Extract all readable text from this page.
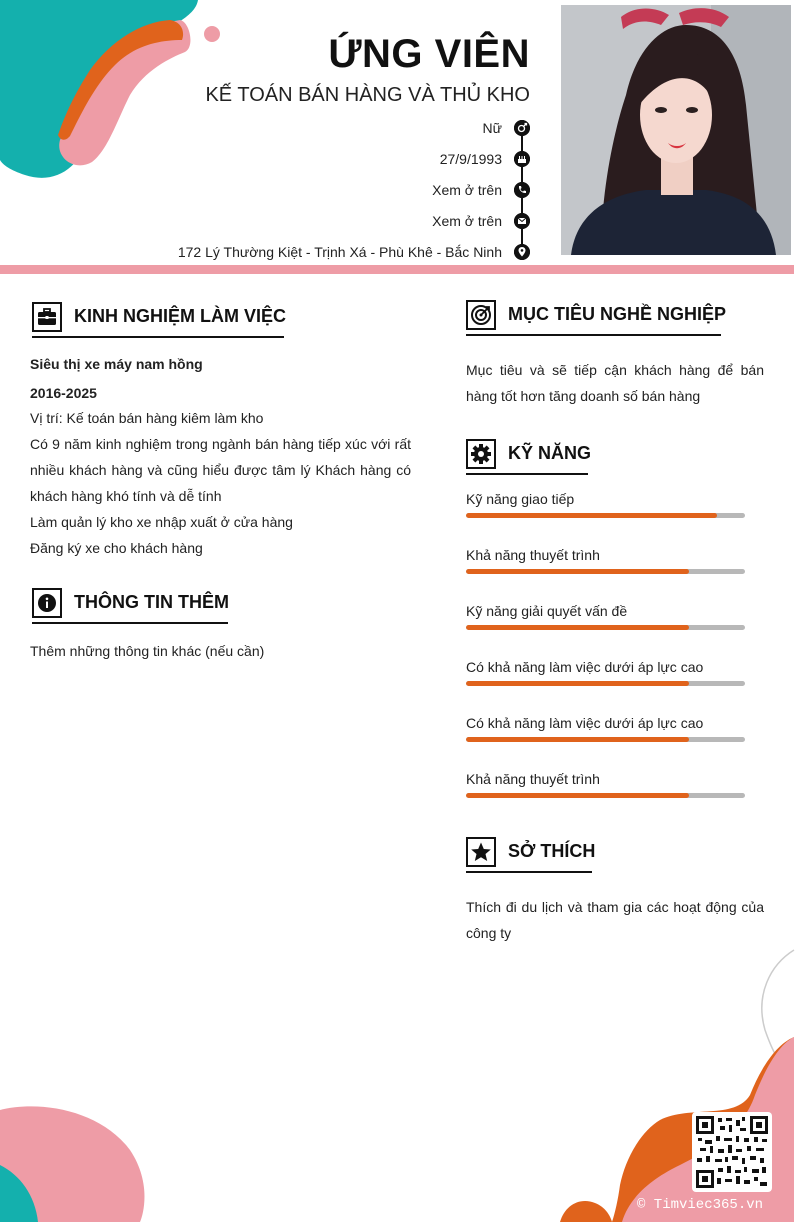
ỨNG VIÊN
KẾ TOÁN BÁN HÀNG VÀ THỦ KHO
Nữ
27/9/1993
Xem ở trên
Xem ở trên
172 Lý Thường Kiệt - Trịnh Xá - Phù Khê - Bắc Ninh
KINH NGHIỆM LÀM VIỆC
Siêu thị xe máy nam hồng
2016-2025
Vị trí: Kế toán bán hàng kiêm làm kho
Có 9 năm kinh nghiệm trong ngành bán hàng tiếp xúc với rất nhiều khách hàng và cũng hiểu được tâm lý Khách hàng có khách hàng khó tính và dễ tính
Làm quản lý kho xe nhập xuất ở cửa hàng
Đăng ký xe cho khách hàng
THÔNG TIN THÊM
Thêm những thông tin khác (nếu cần)
MỤC TIÊU NGHỀ NGHIỆP
Mục tiêu và sẽ tiếp cận khách hàng để bán hàng tốt hơn tăng doanh số bán hàng
KỸ NĂNG
Kỹ năng giao tiếp
Khả năng thuyết trình
Kỹ năng giải quyết vấn đề
Có khả năng làm việc dưới áp lực cao
Có khả năng làm việc dưới áp lực cao
Khả năng thuyết trình
SỞ THÍCH
Thích đi du lịch và tham gia các hoạt động của công ty
© Timviec365.vn
